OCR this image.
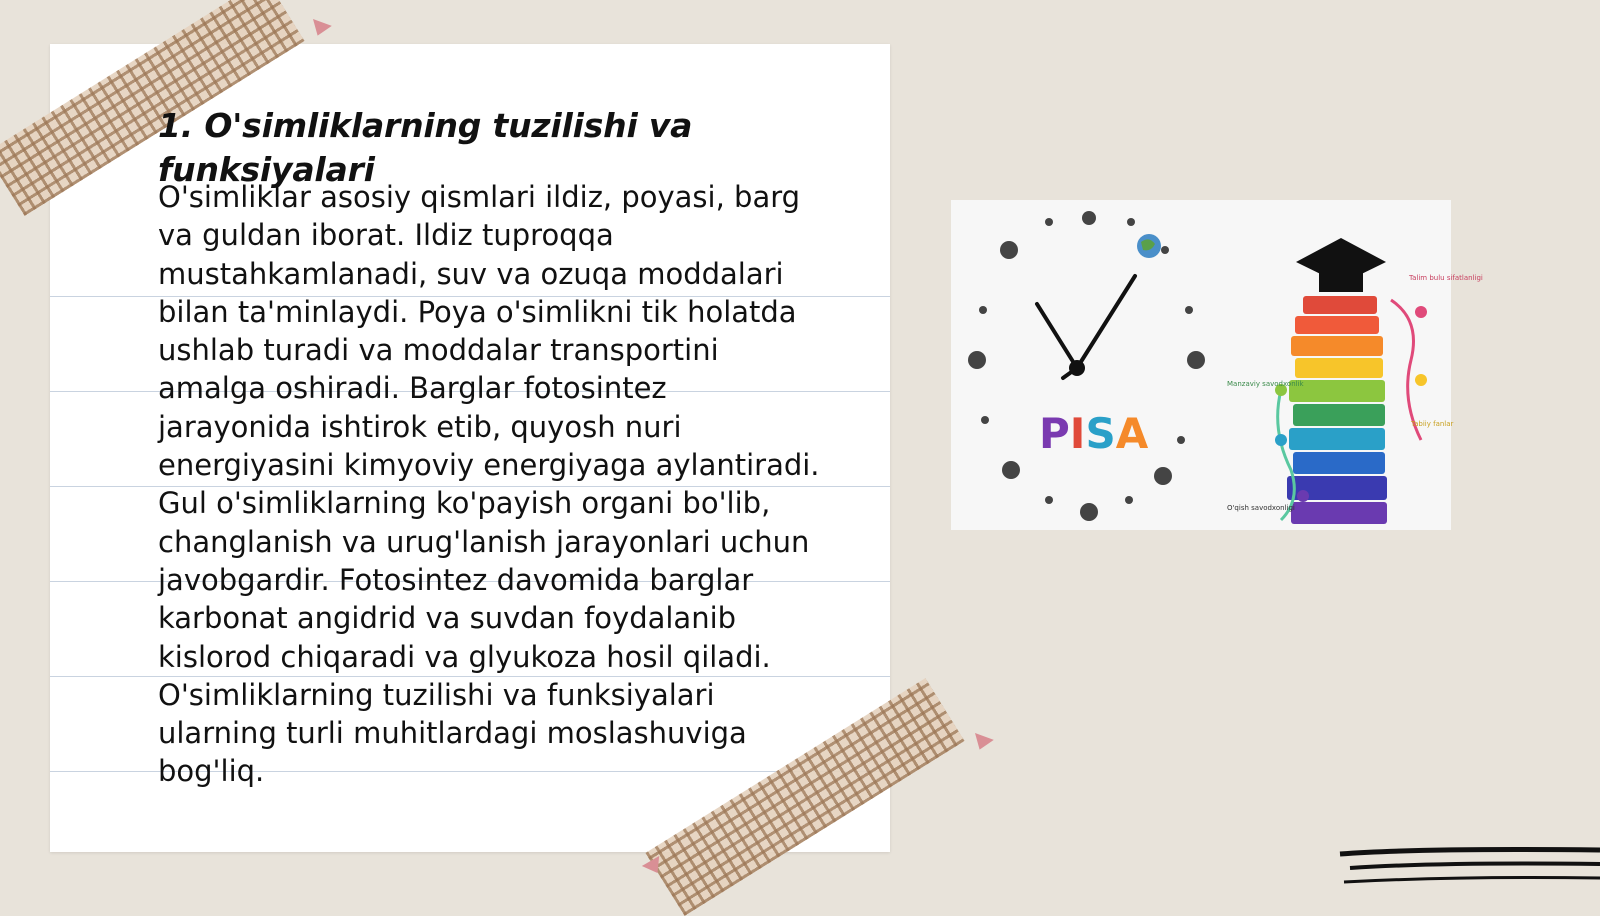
1. O'simliklarning tuzilishi va funksiyalari

O'simliklar asosiy qismlari ildiz, poyasi, barg
va guldan iborat. Ildiz tuproqqa
mustahkamlanadi, suv va ozuqa moddalari
bilan ta'minlaydi. Poya o'simlikni tik holatda
ushlab turadi va moddalar transportini
amalga oshiradi. Barglar fotosintez
jarayonida ishtirok etib, quyosh nuri
energiyasini kimyoviy energiyaga aylantiradi.
Gul o'simliklarning ko'payish organi bo'lib,
changlanish va urug'lanish jarayonlari uchun
javobgardir. Fotosintez davomida barglar
karbonat angidrid va suvdan foydalanib
kislorod chiqaradi va glyukoza hosil qiladi.
O'simliklarning tuzilishi va funksiyalari
ularning turli muhitlardagi moslashuviga
bog'liq.

PISA
Talim bulu sifatlanligi
Manzaviy savodxonlik
Tabiiy fanlar
O'qish savodxonligi
